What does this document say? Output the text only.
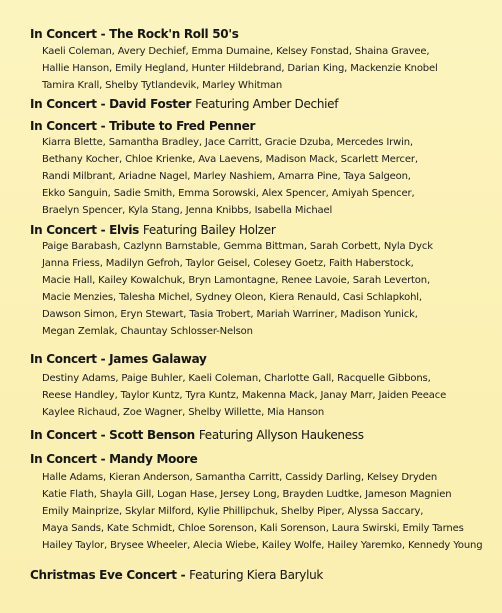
In Concert - The Rock'n Roll 50's
Kaeli Coleman, Avery Dechief, Emma Dumaine, Kelsey Fonstad, Shaina Gravee,
Hallie Hanson, Emily Hegland, Hunter Hildebrand, Darian King, Mackenzie Knobel
Tamira Krall, Shelby Tytlandevik, Marley Whitman
In Concert - David Foster Featuring Amber Dechief
In Concert - Tribute to Fred Penner
Kiarra Blette, Samantha Bradley, Jace Carritt, Gracie Dzuba, Mercedes Irwin,
Bethany Kocher, Chloe Krienke, Ava Laevens, Madison Mack, Scarlett Mercer,
Randi Milbrant, Ariadne Nagel, Marley Nashiem, Amarra Pine, Taya Salgeon,
Ekko Sanguin, Sadie Smith, Emma Sorowski, Alex Spencer, Amiyah Spencer,
Braelyn Spencer, Kyla Stang, Jenna Knibbs, Isabella Michael
In Concert - Elvis Featuring Bailey Holzer
Paige Barabash, Cazlynn Barnstable, Gemma Bittman, Sarah Corbett, Nyla Dyck
Janna Friess, Madilyn Gefroh, Taylor Geisel, Colesey Goetz, Faith Haberstock,
Macie Hall, Kailey Kowalchuk, Bryn Lamontagne, Renee Lavoie, Sarah Leverton,
Macie Menzies, Talesha Michel, Sydney Oleon, Kiera Renauld, Casi Schlapkohl,
Dawson Simon, Eryn Stewart, Tasia Trobert, Mariah Warriner, Madison Yunick,
Megan Zemlak, Chauntay Schlosser-Nelson
In Concert - James Galaway
Destiny Adams, Paige Buhler, Kaeli Coleman, Charlotte Gall, Racquelle Gibbons,
Reese Handley, Taylor Kuntz, Tyra Kuntz, Makenna Mack, Janay Marr, Jaiden Peeace
Kaylee Richaud, Zoe Wagner, Shelby Willette, Mia Hanson
In Concert - Scott Benson Featuring Allyson Haukeness
In Concert - Mandy Moore
Halle Adams, Kieran Anderson, Samantha Carritt, Cassidy Darling, Kelsey Dryden
Katie Flath, Shayla Gill, Logan Hase, Jersey Long, Brayden Ludtke, Jameson Magnien
Emily Mainprize, Skylar Milford, Kylie Phillipchuk, Shelby Piper, Alyssa Saccary,
Maya Sands, Kate Schmidt, Chloe Sorenson, Kali Sorenson, Laura Swirski, Emily Tarnes
Hailey Taylor, Brysee Wheeler, Alecia Wiebe, Kailey Wolfe, Hailey Yaremko, Kennedy Young
Christmas Eve Concert - Featuring Kiera Baryluk
